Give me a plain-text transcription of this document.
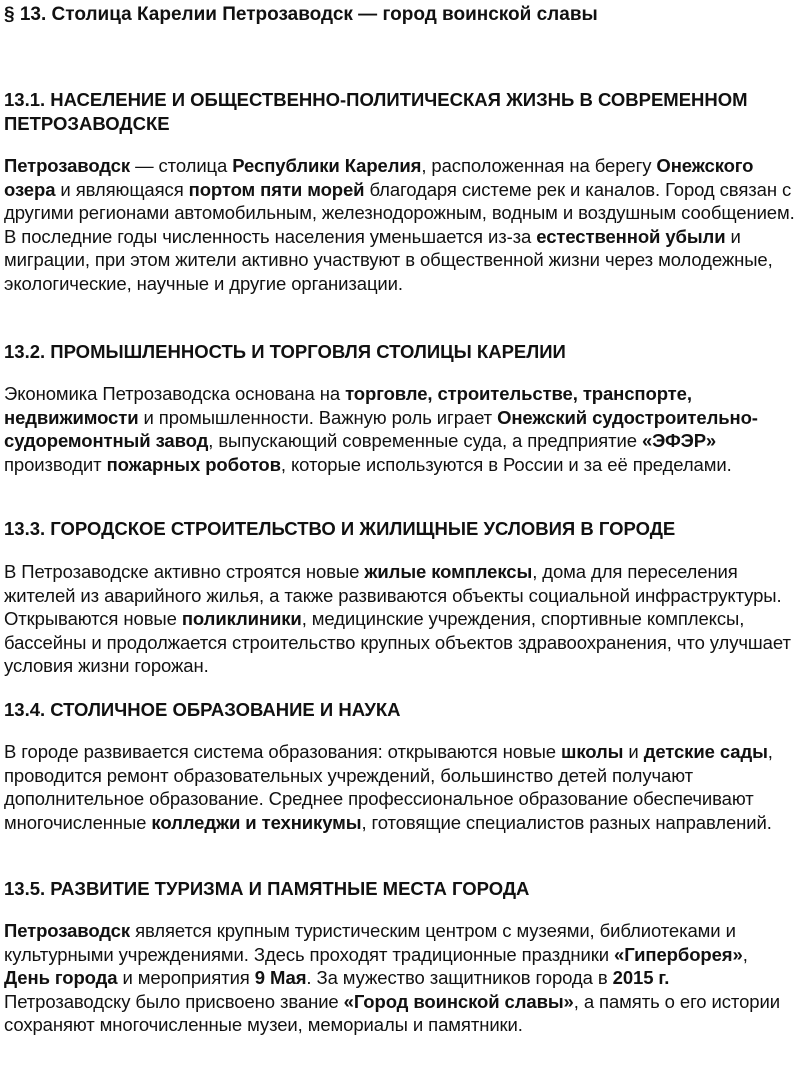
§ 13. Столица Карелии Петрозаводск — город воинской славы
13.1. НАСЕЛЕНИЕ И ОБЩЕСТВЕННО-ПОЛИТИЧЕСКАЯ ЖИЗНЬ В СОВРЕМЕННОМ ПЕТРОЗАВОДСКЕ

Петрозаводск — столица Республики Карелия, расположенная на берегу Онежского озера и являющаяся портом пяти морей благодаря системе рек и каналов. Город связан с другими регионами автомобильным, железнодорожным, водным и воздушным сообщением. В последние годы численность населения уменьшается из-за естественной убыли и миграции, при этом жители активно участвуют в общественной жизни через молодежные, экологические, научные и другие организации.

13.2. ПРОМЫШЛЕННОСТЬ И ТОРГОВЛЯ СТОЛИЦЫ КАРЕЛИИ

Экономика Петрозаводска основана на торговле, строительстве, транспорте, недвижимости и промышленности. Важную роль играет Онежский судостроительно-судоремонтный завод, выпускающий современные суда, а предприятие «ЭФЭР» производит пожарных роботов, которые используются в России и за её пределами.

13.3. ГОРОДСКОЕ СТРОИТЕЛЬСТВО И ЖИЛИЩНЫЕ УСЛОВИЯ В ГОРОДЕ

В Петрозаводске активно строятся новые жилые комплексы, дома для переселения жителей из аварийного жилья, а также развиваются объекты социальной инфраструктуры. Открываются новые поликлиники, медицинские учреждения, спортивные комплексы, бассейны и продолжается строительство крупных объектов здравоохранения, что улучшает условия жизни горожан.

13.4. СТОЛИЧНОЕ ОБРАЗОВАНИЕ И НАУКА

В городе развивается система образования: открываются новые школы и детские сады, проводится ремонт образовательных учреждений, большинство детей получают дополнительное образование. Среднее профессиональное образование обеспечивают многочисленные колледжи и техникумы, готовящие специалистов разных направлений.

13.5. РАЗВИТИЕ ТУРИЗМА И ПАМЯТНЫЕ МЕСТА ГОРОДА

Петрозаводск является крупным туристическим центром с музеями, библиотеками и культурными учреждениями. Здесь проходят традиционные праздники «Гиперборея», День города и мероприятия 9 Мая. За мужество защитников города в 2015 г. Петрозаводску было присвоено звание «Город воинской славы», а память о его истории сохраняют многочисленные музеи, мемориалы и памятники.
